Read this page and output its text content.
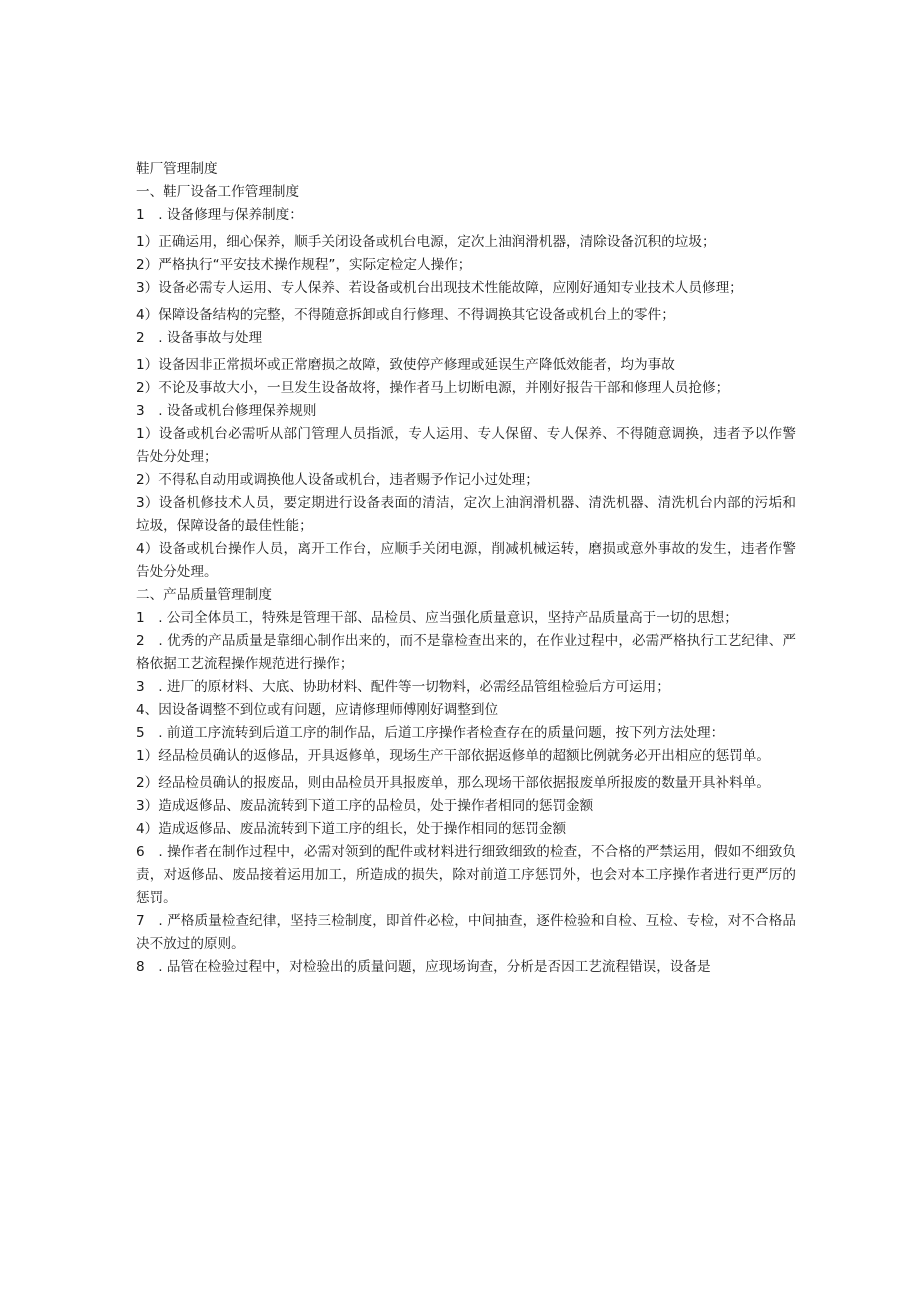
鞋厂管理制度

一、鞋厂设备工作管理制度

1　. 设备修理与保养制度：

1）正确运用，细心保养，顺手关闭设备或机台电源，定次上油润滑机器，清除设备沉积的垃圾；

2）严格执行“平安技术操作规程”，实际定检定人操作；

3）设备必需专人运用、专人保养、若设备或机台出现技术性能故障，应刚好通知专业技术人员修理；

4）保障设备结构的完整，不得随意拆卸或自行修理、不得调换其它设备或机台上的零件；

2　. 设备事故与处理

1）设备因非正常损坏或正常磨损之故障，致使停产修理或延误生产降低效能者，均为事故

2）不论及事故大小，一旦发生设备故将，操作者马上切断电源，并刚好报告干部和修理人员抢修；

3　. 设备或机台修理保养规则

1）设备或机台必需听从部门管理人员指派，专人运用、专人保留、专人保养、不得随意调换，违者予以作警告处分处理；

2）不得私自动用或调换他人设备或机台，违者赐予作记小过处理；

3）设备机修技术人员，要定期进行设备表面的清洁，定次上油润滑机器、清洗机器、清洗机台内部的污垢和垃圾，保障设备的最佳性能；

4）设备或机台操作人员，离开工作台，应顺手关闭电源，削减机械运转，磨损或意外事故的发生，违者作警告处分处理。

二、产品质量管理制度

1　. 公司全体员工，特殊是管理干部、品检员、应当强化质量意识，坚持产品质量高于一切的思想；

2　. 优秀的产品质量是靠细心制作出来的，而不是靠检查出来的，在作业过程中，必需严格执行工艺纪律、严格依据工艺流程操作规范进行操作；

3　. 进厂的原材料、大底、协助材料、配件等一切物料，必需经品管组检验后方可运用；

4、因设备调整不到位或有问题，应请修理师傅刚好调整到位

5　. 前道工序流转到后道工序的制作品，后道工序操作者检查存在的质量问题，按下列方法处理：

1）经品检员确认的返修品，开具返修单，现场生产干部依据返修单的超额比例就务必开出相应的惩罚单。

2）经品检员确认的报废品，则由品检员开具报废单，那么现场干部依据报废单所报废的数量开具补料单。

3）造成返修品、废品流转到下道工序的品检员，处于操作者相同的惩罚金额

4）造成返修品、废品流转到下道工序的组长，处于操作相同的惩罚金额

6　. 操作者在制作过程中，必需对领到的配件或材料进行细致细致的检查，不合格的严禁运用，假如不细致负责，对返修品、废品接着运用加工，所造成的损失，除对前道工序惩罚外，也会对本工序操作者进行更严厉的惩罚。

7　. 严格质量检查纪律，坚持三检制度，即首件必检，中间抽查，逐件检验和自检、互检、专检，对不合格品决不放过的原则。

8　. 品管在检验过程中，对检验出的质量问题，应现场询查，分析是否因工艺流程错误，设备是
